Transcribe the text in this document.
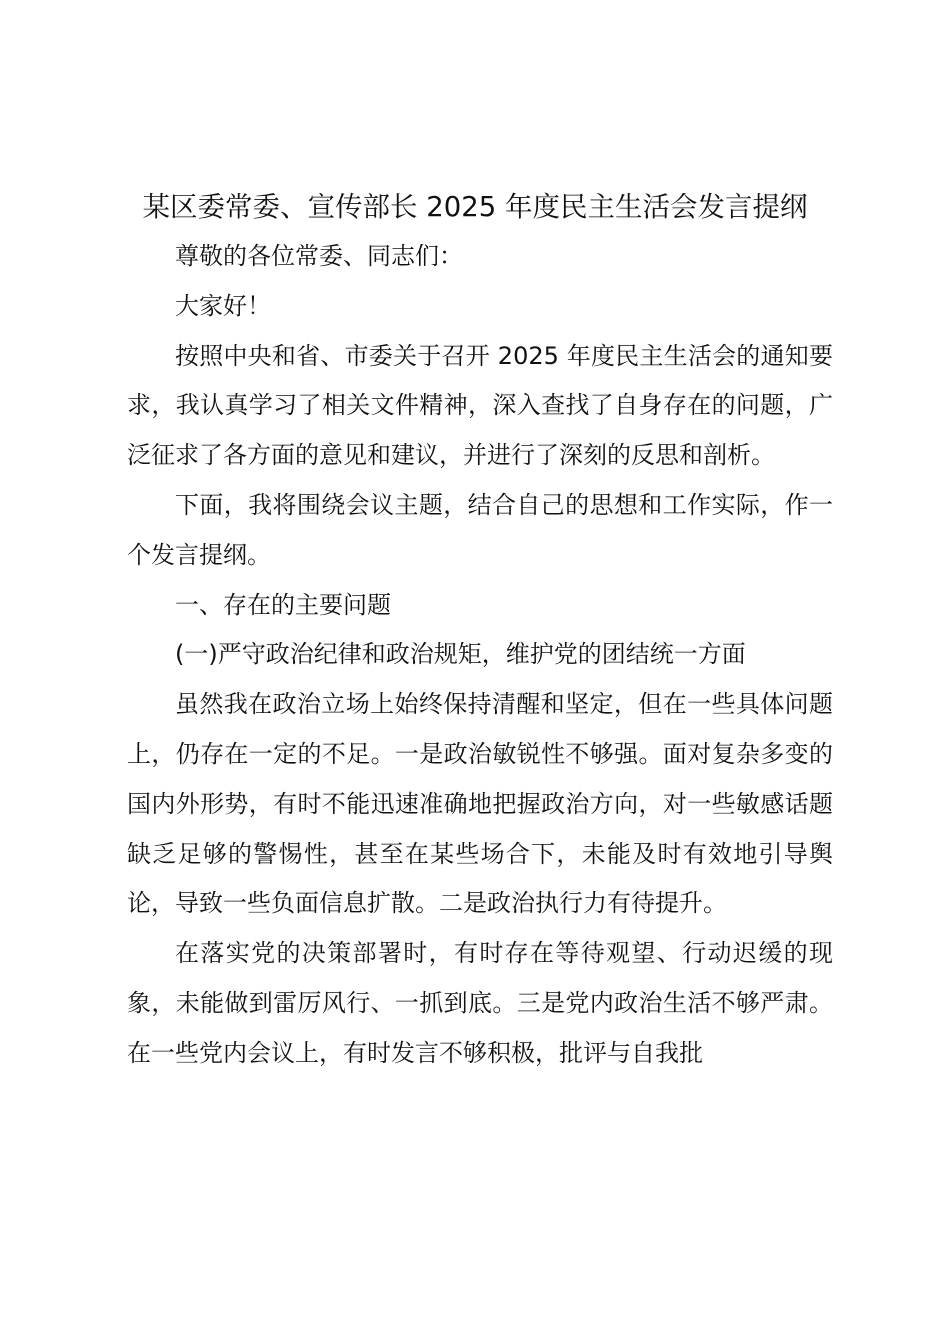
某区委常委、宣传部长 2025 年度民主生活会发言提纲

尊敬的各位常委、同志们：

大家好！

按照中央和省、市委关于召开 2025 年度民主生活会的通知要求，我认真学习了相关文件精神，深入查找了自身存在的问题，广泛征求了各方面的意见和建议，并进行了深刻的反思和剖析。

下面，我将围绕会议主题，结合自己的思想和工作实际，作一个发言提纲。

一、存在的主要问题

(一)严守政治纪律和政治规矩，维护党的团结统一方面

虽然我在政治立场上始终保持清醒和坚定，但在一些具体问题上，仍存在一定的不足。一是政治敏锐性不够强。面对复杂多变的国内外形势，有时不能迅速准确地把握政治方向，对一些敏感话题缺乏足够的警惕性，甚至在某些场合下，未能及时有效地引导舆论，导致一些负面信息扩散。二是政治执行力有待提升。

在落实党的决策部署时，有时存在等待观望、行动迟缓的现象，未能做到雷厉风行、一抓到底。三是党内政治生活不够严肃。在一些党内会议上，有时发言不够积极，批评与自我批
